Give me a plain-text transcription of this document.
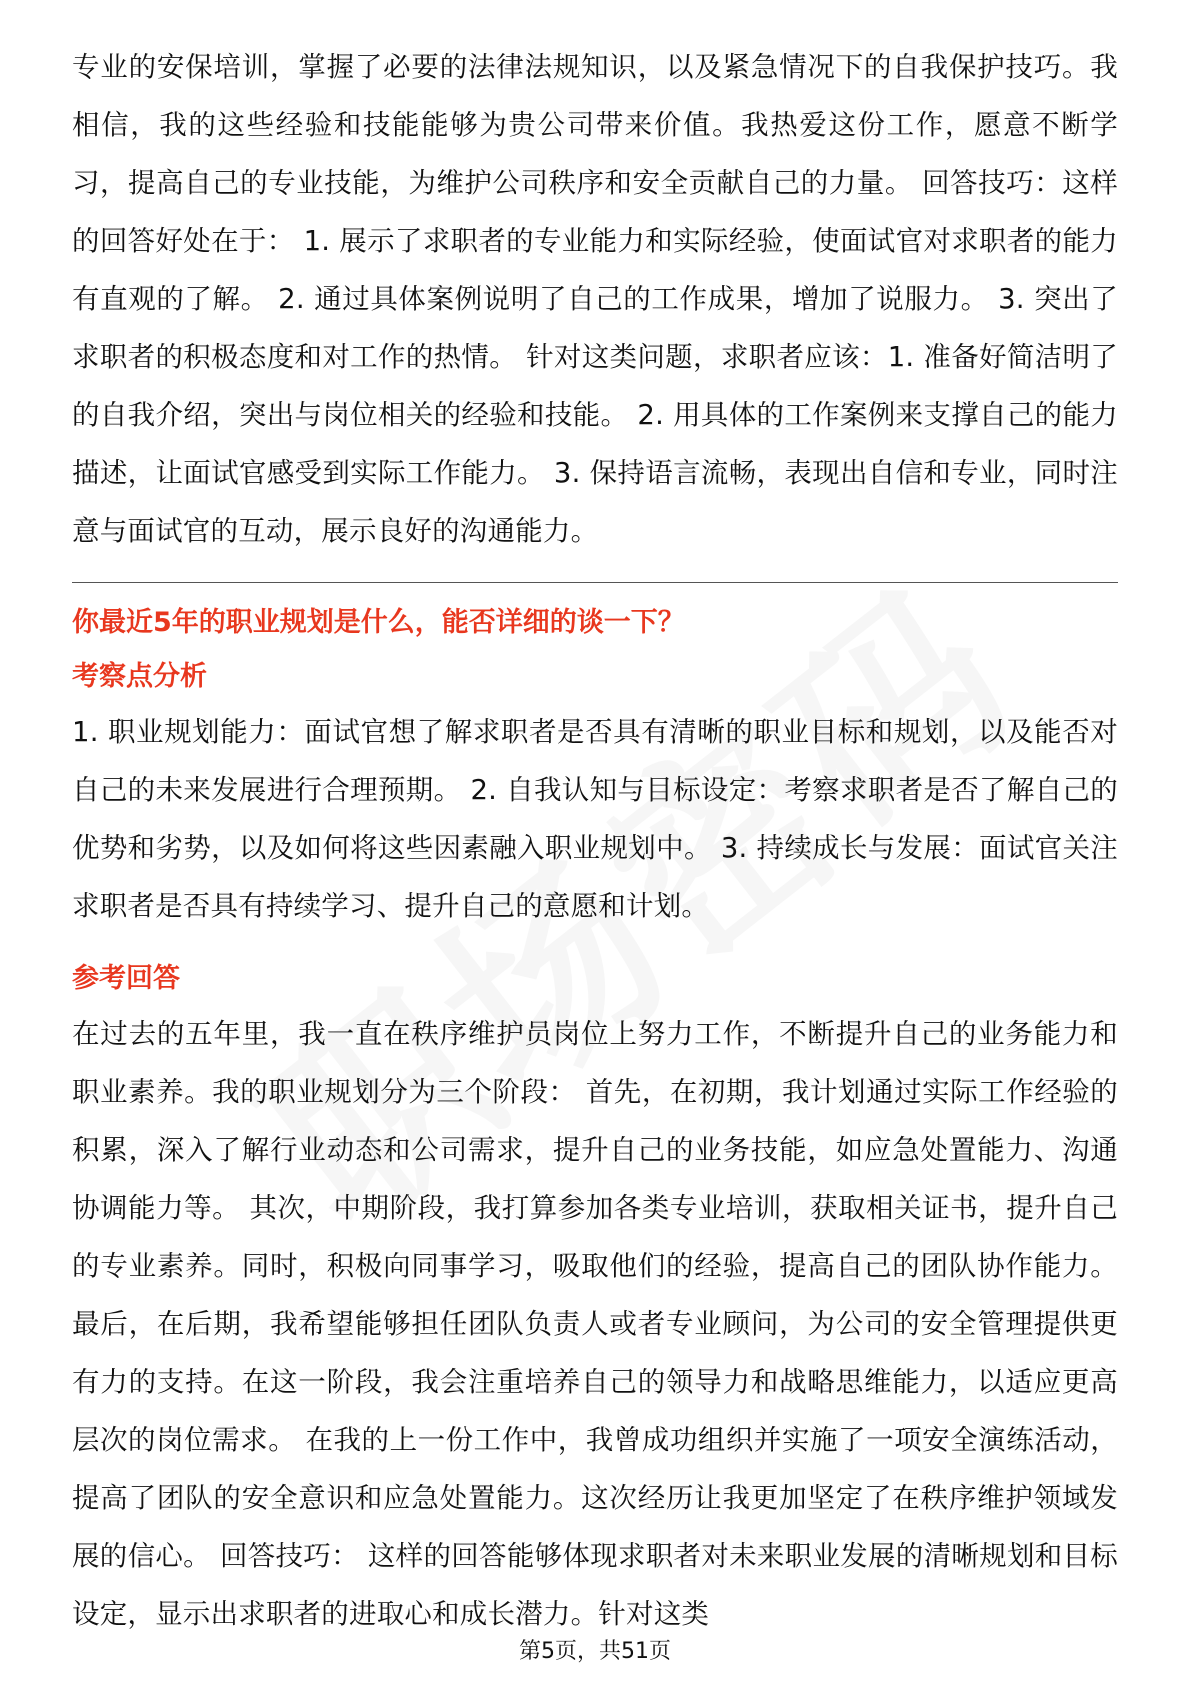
专业的安保培训，掌握了必要的法律法规知识，以及紧急情况下的自我保护技巧。我相信，我的这些经验和技能能够为贵公司带来价值。我热爱这份工作，愿意不断学习，提高自己的专业技能，为维护公司秩序和安全贡献自己的力量。 回答技巧：这样的回答好处在于： 1. 展示了求职者的专业能力和实际经验，使面试官对求职者的能力有直观的了解。 2. 通过具体案例说明了自己的工作成果，增加了说服力。 3. 突出了求职者的积极态度和对工作的热情。 针对这类问题，求职者应该：1. 准备好简洁明了的自我介绍，突出与岗位相关的经验和技能。 2. 用具体的工作案例来支撑自己的能力描述，让面试官感受到实际工作能力。 3. 保持语言流畅，表现出自信和专业，同时注意与面试官的互动，展示良好的沟通能力。

你最近5年的职业规划是什么，能否详细的谈一下？
考察点分析

1. 职业规划能力：面试官想了解求职者是否具有清晰的职业目标和规划，以及能否对自己的未来发展进行合理预期。 2. 自我认知与目标设定：考察求职者是否了解自己的优势和劣势，以及如何将这些因素融入职业规划中。 3. 持续成长与发展：面试官关注求职者是否具有持续学习、提升自己的意愿和计划。

参考回答

在过去的五年里，我一直在秩序维护员岗位上努力工作，不断提升自己的业务能力和职业素养。我的职业规划分为三个阶段： 首先，在初期，我计划通过实际工作经验的积累，深入了解行业动态和公司需求，提升自己的业务技能，如应急处置能力、沟通协调能力等。 其次，中期阶段，我打算参加各类专业培训，获取相关证书，提升自己的专业素养。同时，积极向同事学习，吸取他们的经验，提高自己的团队协作能力。 最后，在后期，我希望能够担任团队负责人或者专业顾问，为公司的安全管理提供更有力的支持。在这一阶段，我会注重培养自己的领导力和战略思维能力，以适应更高层次的岗位需求。 在我的上一份工作中，我曾成功组织并实施了一项安全演练活动，提高了团队的安全意识和应急处置能力。这次经历让我更加坚定了在秩序维护领域发展的信心。 回答技巧： 这样的回答能够体现求职者对未来职业发展的清晰规划和目标设定，显示出求职者的进取心和成长潜力。针对这类

第5页，共51页
